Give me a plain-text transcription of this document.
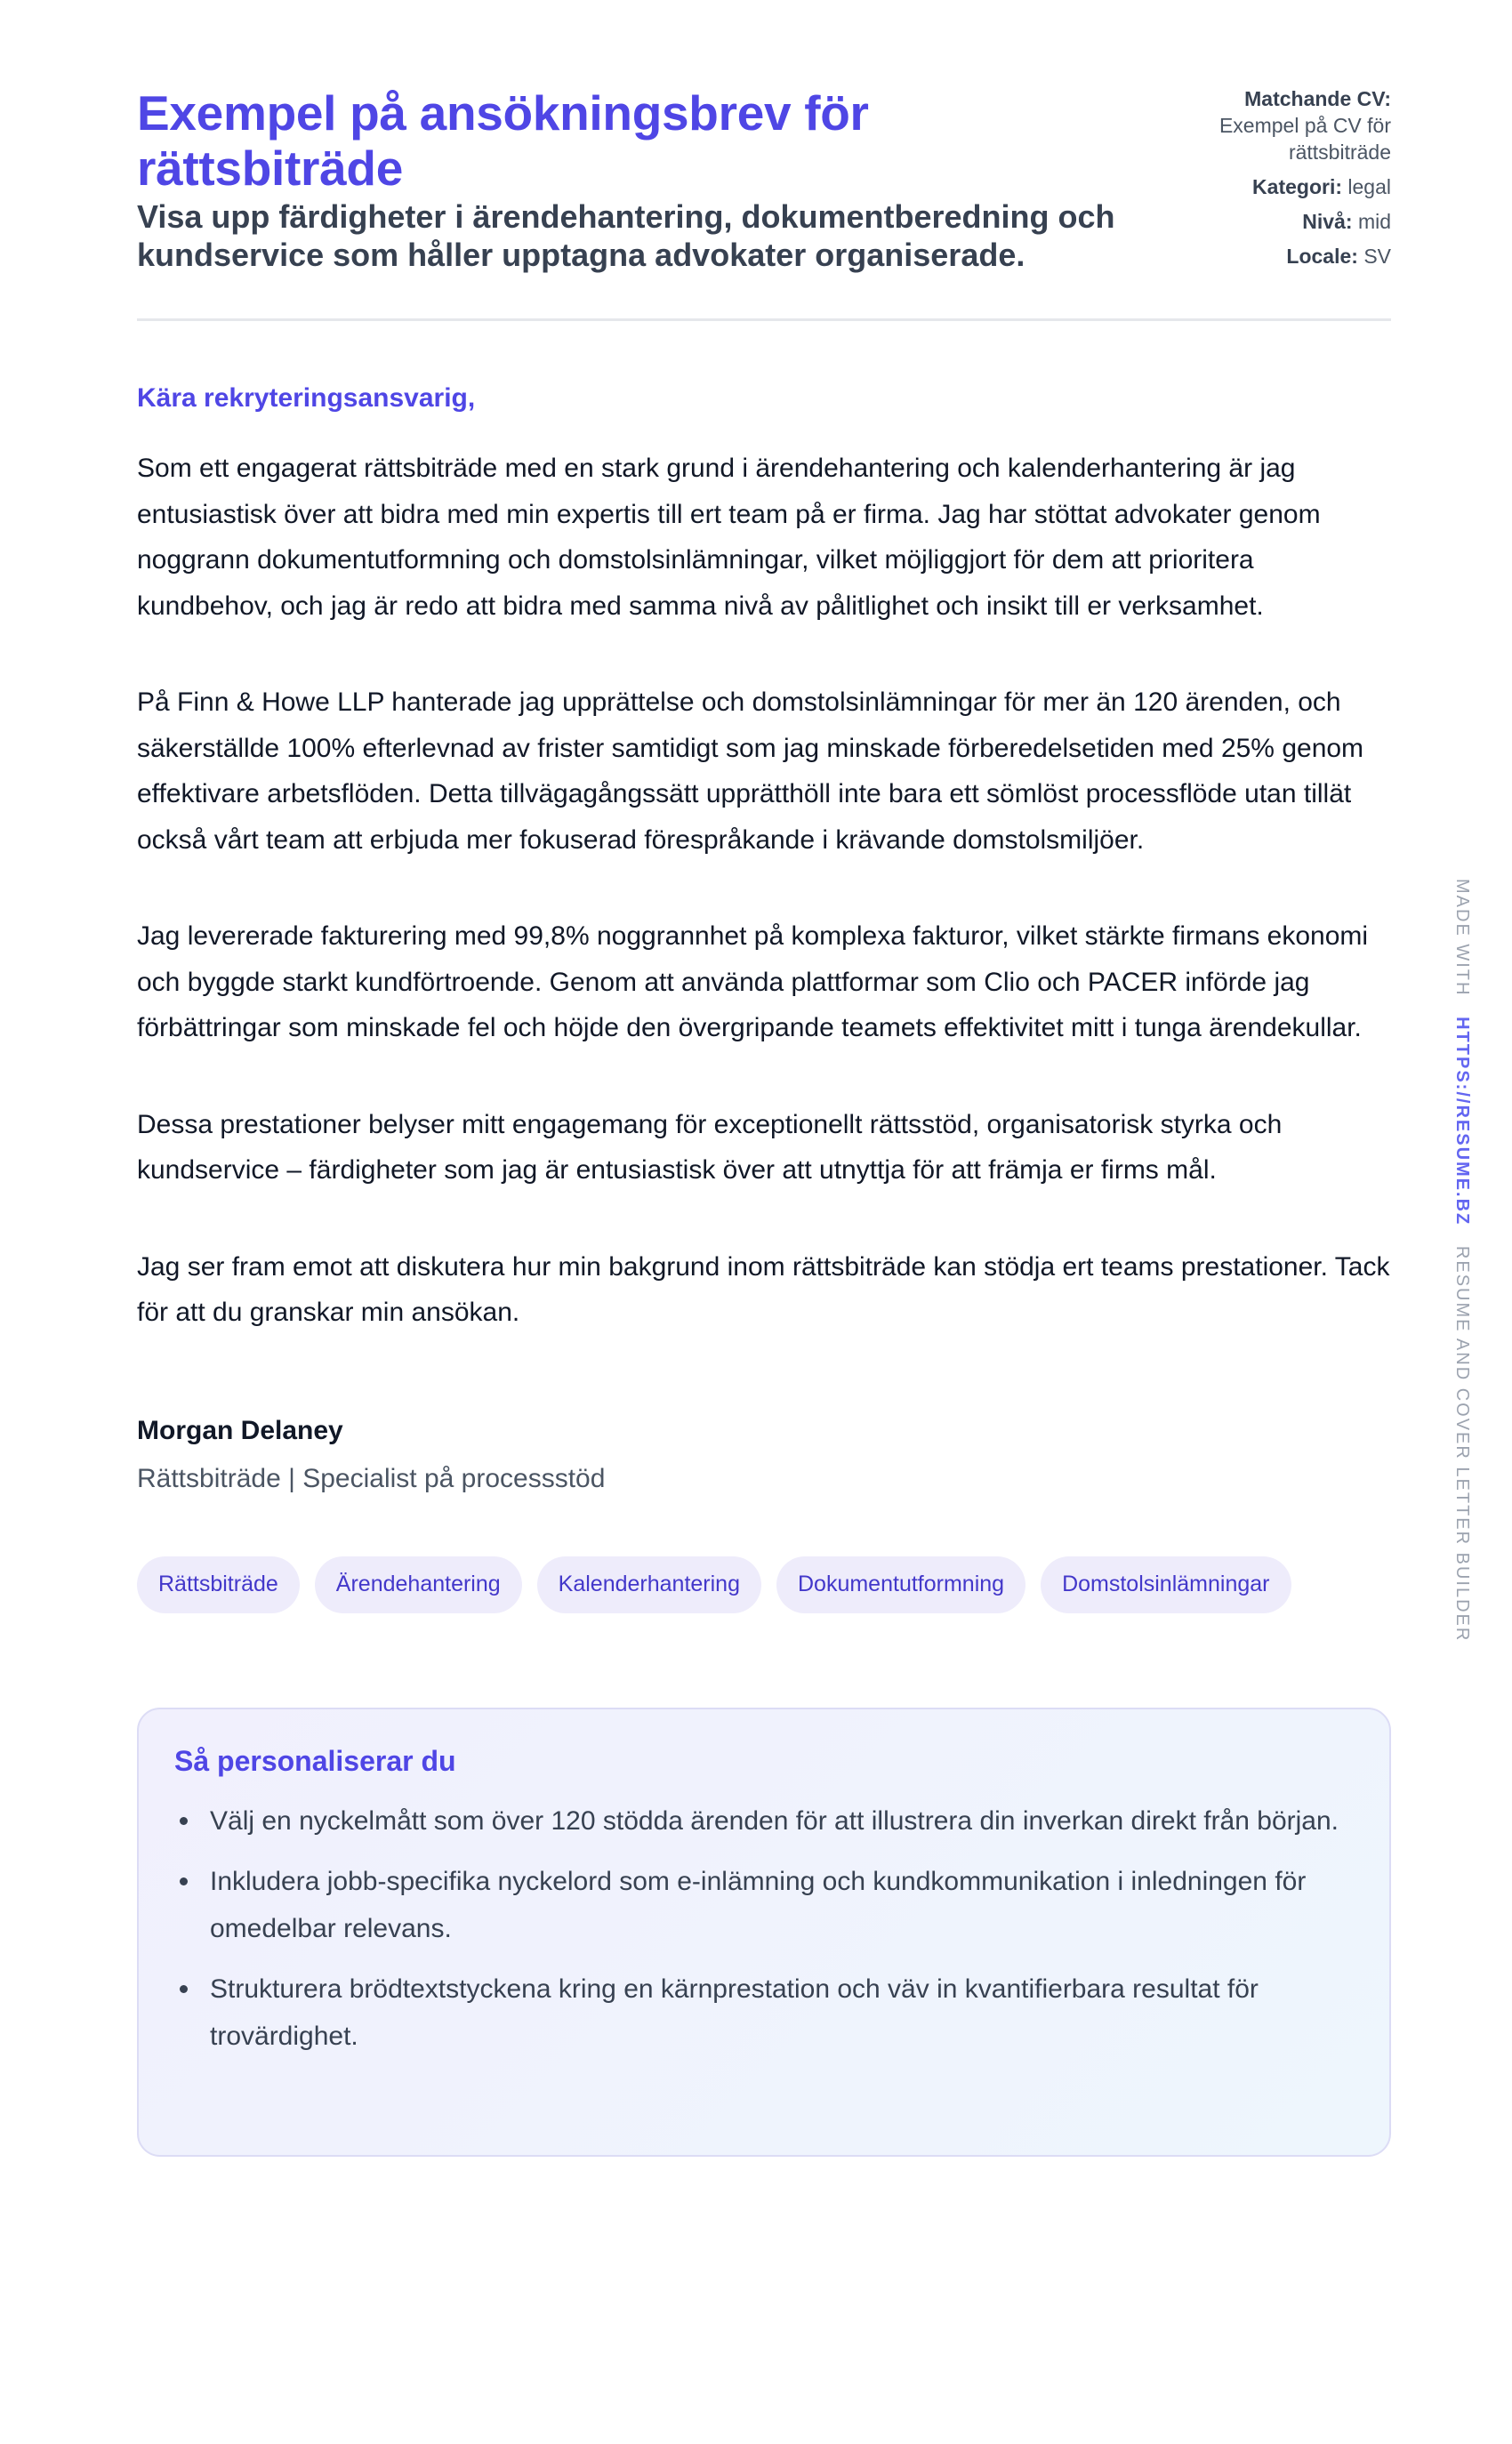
Exempel på ansökningsbrev för rättsbiträde
Visa upp färdigheter i ärendehantering, dokumentberedning och kundservice som håller upptagna advokater organiserade.
Matchande CV:
Exempel på CV för rättsbiträde
Kategori: legal
Nivå: mid
Locale: SV
Kära rekryteringsansvarig,

Som ett engagerat rättsbiträde med en stark grund i ärendehantering och kalenderhantering är jag entusiastisk över att bidra med min expertis till ert team på er firma. Jag har stöttat advokater genom noggrann dokumentutformning och domstolsinlämningar, vilket möjliggjort för dem att prioritera kundbehov, och jag är redo att bidra med samma nivå av pålitlighet och insikt till er verksamhet.

På Finn & Howe LLP hanterade jag upprättelse och domstolsinlämningar för mer än 120 ärenden, och säkerställde 100% efterlevnad av frister samtidigt som jag minskade förberedelsetiden med 25% genom effektivare arbetsflöden. Detta tillvägagångssätt upprätthöll inte bara ett sömlöst processflöde utan tillät också vårt team att erbjuda mer fokuserad förespråkande i krävande domstolsmiljöer.

Jag levererade fakturering med 99,8% noggrannhet på komplexa fakturor, vilket stärkte firmans ekonomi och byggde starkt kundförtroende. Genom att använda plattformar som Clio och PACER införde jag förbättringar som minskade fel och höjde den övergripande teamets effektivitet mitt i tunga ärendekullar.

Dessa prestationer belyser mitt engagemang för exceptionellt rättsstöd, organisatorisk styrka och kundservice – färdigheter som jag är entusiastisk över att utnyttja för att främja er firms mål.

Jag ser fram emot att diskutera hur min bakgrund inom rättsbiträde kan stödja ert teams prestationer. Tack för att du granskar min ansökan.

Morgan Delaney
Rättsbiträde | Specialist på processstöd
Rättsbiträde	Ärendehantering	Kalenderhantering	Dokumentutformning	Domstolsinlämningar
Så personaliserar du
Välj en nyckelmått som över 120 stödda ärenden för att illustrera din inverkan direkt från början.
Inkludera jobb-specifika nyckelord som e-inlämning och kundkommunikation i inledningen för omedelbar relevans.
Strukturera brödtextstyckena kring en kärnprestation och väv in kvantifierbara resultat för trovärdighet.
MADE WITH   HTTPS://RESUME.BZ   RESUME AND COVER LETTER BUILDER
